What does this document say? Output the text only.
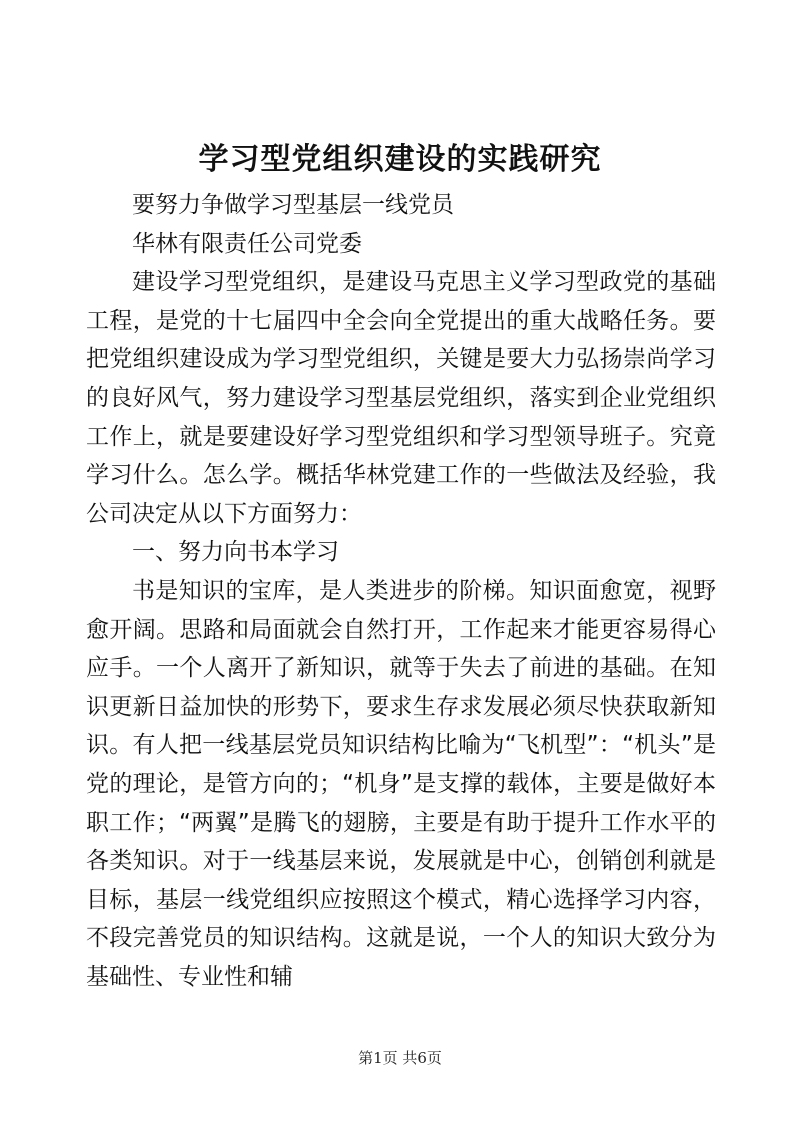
学习型党组织建设的实践研究

要努力争做学习型基层一线党员

华林有限责任公司党委

建设学习型党组织，是建设马克思主义学习型政党的基础工程，是党的十七届四中全会向全党提出的重大战略任务。要把党组织建设成为学习型党组织，关键是要大力弘扬崇尚学习的良好风气，努力建设学习型基层党组织，落实到企业党组织工作上，就是要建设好学习型党组织和学习型领导班子。究竟学习什么。怎么学。概括华林党建工作的一些做法及经验，我公司决定从以下方面努力：

一、努力向书本学习

书是知识的宝库，是人类进步的阶梯。知识面愈宽，视野愈开阔。思路和局面就会自然打开，工作起来才能更容易得心应手。一个人离开了新知识，就等于失去了前进的基础。在知识更新日益加快的形势下，要求生存求发展必须尽快获取新知识。有人把一线基层党员知识结构比喻为“飞机型”：“机头”是党的理论，是管方向的；“机身”是支撑的载体，主要是做好本职工作；“两翼”是腾飞的翅膀，主要是有助于提升工作水平的各类知识。对于一线基层来说，发展就是中心，创销创利就是目标，基层一线党组织应按照这个模式，精心选择学习内容，不段完善党员的知识结构。这就是说，一个人的知识大致分为基础性、专业性和辅

第1页 共6页
